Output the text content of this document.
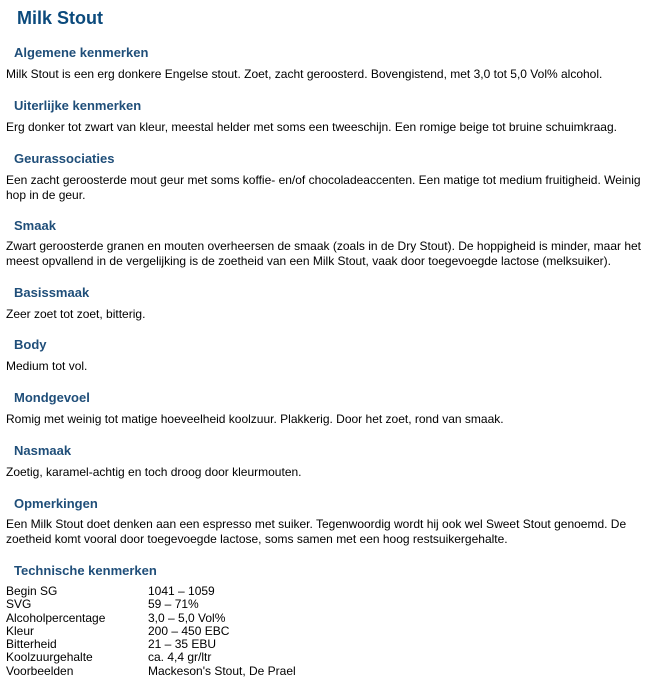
Milk Stout
Algemene kenmerken

Milk Stout is een erg donkere Engelse stout. Zoet, zacht geroosterd. Bovengistend, met 3,0 tot 5,0 Vol% alcohol.

Uiterlijke kenmerken

Erg donker tot zwart van kleur, meestal helder met soms een tweeschijn. Een romige beige tot bruine schuimkraag.

Geurassociaties

Een zacht geroosterde mout geur met soms koffie- en/of chocoladeaccenten. Een matige tot medium fruitigheid. Weinig hop in de geur.

Smaak

Zwart geroosterde granen en mouten overheersen de smaak (zoals in de Dry Stout). De hoppigheid is minder, maar het meest opvallend in de vergelijking is de zoetheid van een Milk Stout, vaak door toegevoegde lactose (melksuiker).

Basissmaak

Zeer zoet tot zoet, bitterig.

Body

Medium tot vol.

Mondgevoel

Romig met weinig tot matige hoeveelheid koolzuur. Plakkerig. Door het zoet, rond van smaak.

Nasmaak

Zoetig, karamel-achtig en toch droog door kleurmouten.

Opmerkingen

Een Milk Stout doet denken aan een espresso met suiker. Tegenwoordig wordt hij ook wel Sweet Stout genoemd. De zoetheid komt vooral door toegevoegde lactose, soms samen met een hoog restsuikergehalte.

Technische kenmerken
Begin SG	1041 – 1059
SVG	59 – 71%
Alcoholpercentage	3,0 – 5,0 Vol%
Kleur	200 – 450 EBC
Bitterheid	21 – 35 EBU
Koolzuurgehalte	ca. 4,4 gr/ltr
Voorbeelden	Mackeson's Stout, De Prael
